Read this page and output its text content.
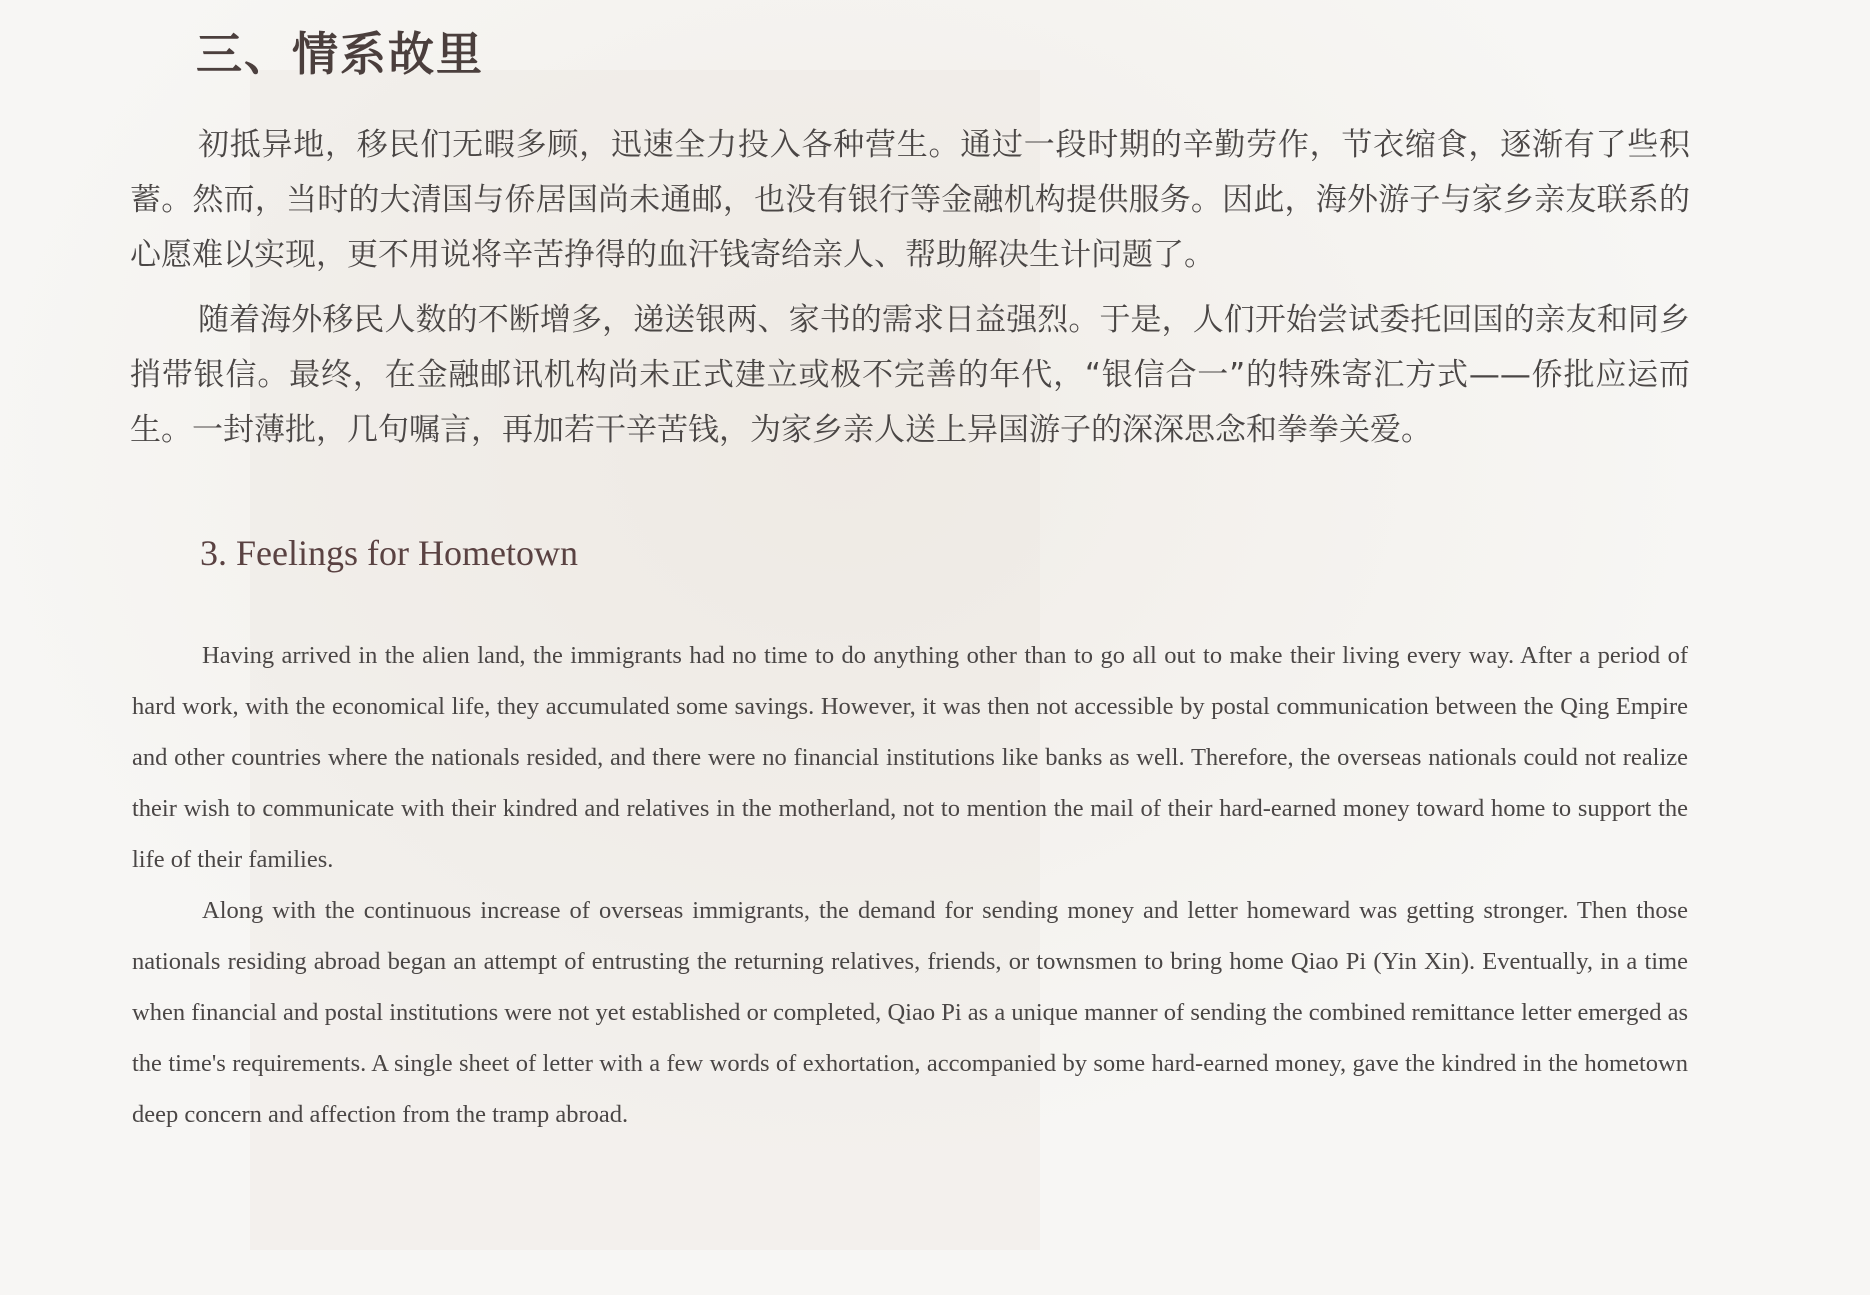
三、情系故里

初抵异地，移民们无暇多顾，迅速全力投入各种营生。通过一段时期的辛勤劳作，节衣缩食，逐渐有了些积蓄。然而，当时的大清国与侨居国尚未通邮，也没有银行等金融机构提供服务。因此，海外游子与家乡亲友联系的心愿难以实现，更不用说将辛苦挣得的血汗钱寄给亲人、帮助解决生计问题了。

随着海外移民人数的不断增多，递送银两、家书的需求日益强烈。于是，人们开始尝试委托回国的亲友和同乡捎带银信。最终，在金融邮讯机构尚未正式建立或极不完善的年代，“银信合一”的特殊寄汇方式——侨批应运而生。一封薄批，几句嘱言，再加若干辛苦钱，为家乡亲人送上异国游子的深深思念和拳拳关爱。

3. Feelings for Hometown

Having arrived in the alien land, the immigrants had no time to do anything other than to go all out to make their living every way. After a period of hard work, with the economical life, they accumulated some savings. However, it was then not accessible by postal communication between the Qing Empire and other countries where the nationals resided, and there were no financial institutions like banks as well. Therefore, the overseas nationals could not realize their wish to communicate with their kindred and relatives in the motherland, not to mention the mail of their hard-earned money toward home to support the life of their families.

Along with the continuous increase of overseas immigrants, the demand for sending money and letter homeward was getting stronger. Then those nationals residing abroad began an attempt of entrusting the returning relatives, friends, or townsmen to bring home Qiao Pi (Yin Xin). Eventually, in a time when financial and postal institutions were not yet established or completed, Qiao Pi as a unique manner of sending the combined remittance letter emerged as the time's requirements. A single sheet of letter with a few words of exhortation, accompanied by some hard-earned money, gave the kindred in the hometown deep concern and affection from the tramp abroad.
